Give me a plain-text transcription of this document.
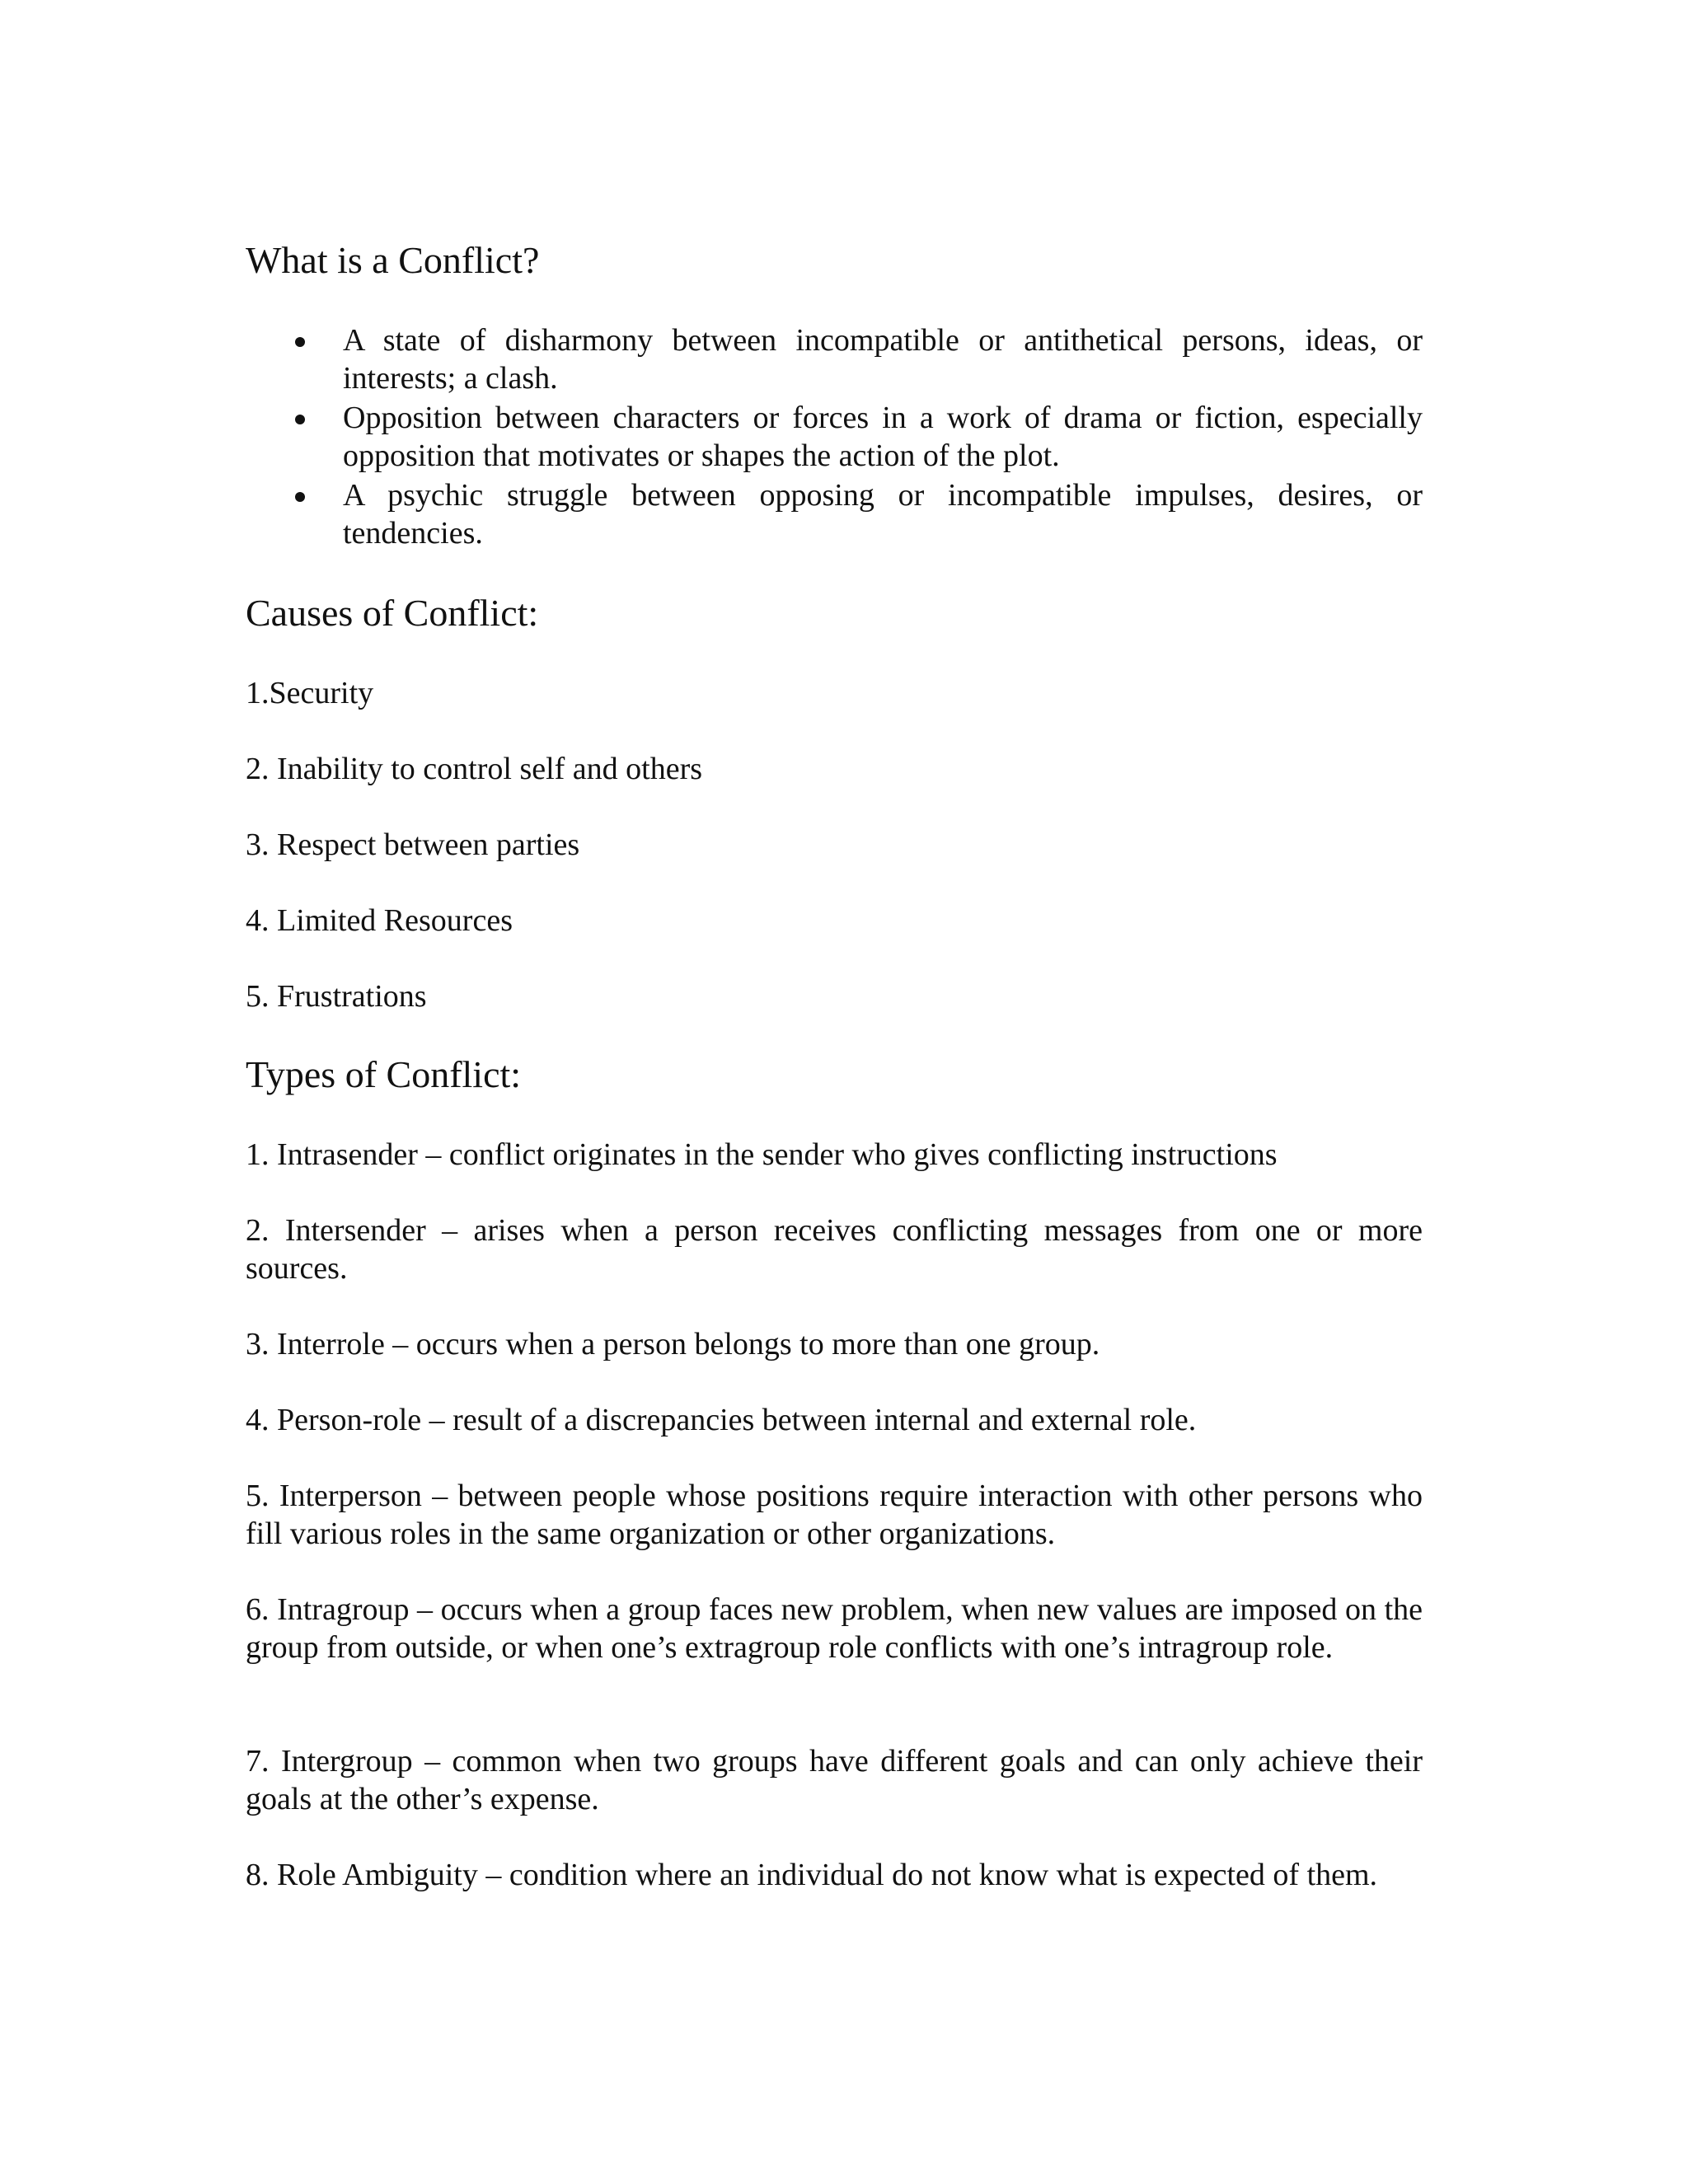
What is a Conflict?
A state of disharmony between incompatible or antithetical persons, ideas, or interests; a clash.
Opposition between characters or forces in a work of drama or fiction, especially opposition that motivates or shapes the action of the plot.
A psychic struggle between opposing or incompatible impulses, desires, or tendencies.
Causes of Conflict:
1.Security
2. Inability to control self and others
3. Respect between parties
4. Limited Resources
5. Frustrations
Types of Conflict:
1. Intrasender – conflict originates in the sender who gives conflicting instructions
2. Intersender – arises when a person receives conflicting messages from one or more sources.
3. Interrole – occurs when a person belongs to more than one group.
4. Person-role – result of a discrepancies between internal and external role.
5. Interperson – between people whose positions require interaction with other persons who fill various roles in the same organization or other organizations.
6. Intragroup – occurs when a group faces new problem, when new values are imposed on the group from outside, or when one’s extragroup role conflicts with one’s intragroup role.
7. Intergroup – common when two groups have different goals and can only achieve their goals at the other’s expense.
8. Role Ambiguity – condition where an individual do not know what is expected of them.
